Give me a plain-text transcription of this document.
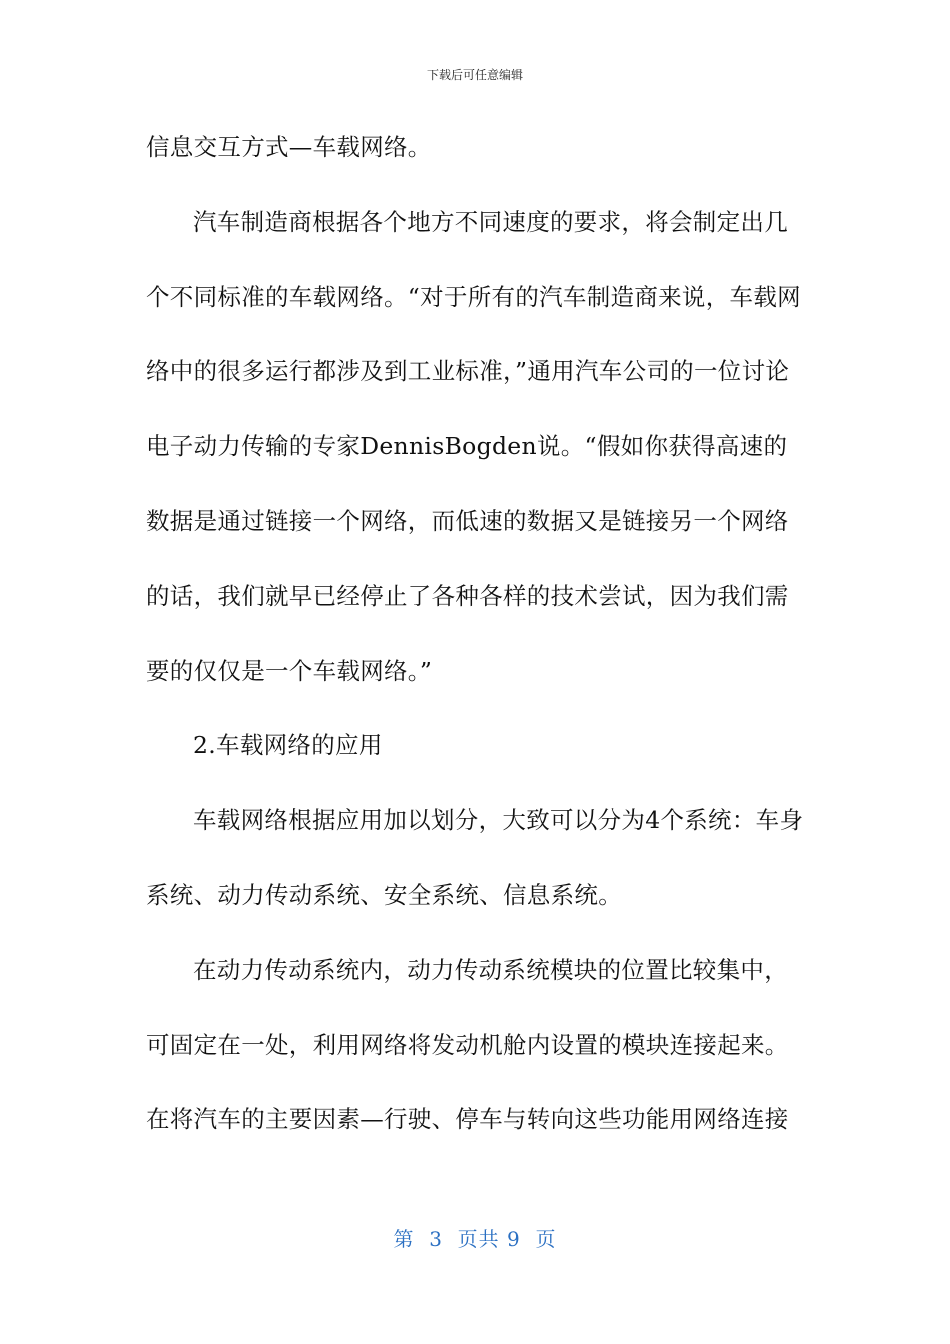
下载后可任意编辑

信息交互方式—车载网络。

汽车制造商根据各个地方不同速度的要求，将会制定出几个不同标准的车载网络。“对于所有的汽车制造商来说，车载网络中的很多运行都涉及到工业标准，”通用汽车公司的一位讨论电子动力传输的专家DennisBogden说。“假如你获得高速的数据是通过链接一个网络，而低速的数据又是链接另一个网络的话，我们就早已经停止了各种各样的技术尝试，因为我们需要的仅仅是一个车载网络。”

2.车载网络的应用

车载网络根据应用加以划分，大致可以分为4个系统：车身系统、动力传动系统、安全系统、信息系统。

在动力传动系统内，动力传动系统模块的位置比较集中，可固定在一处，利用网络将发动机舱内设置的模块连接起来。在将汽车的主要因素—行驶、停车与转向这些功能用网络连接

第  3  页共 9  页
